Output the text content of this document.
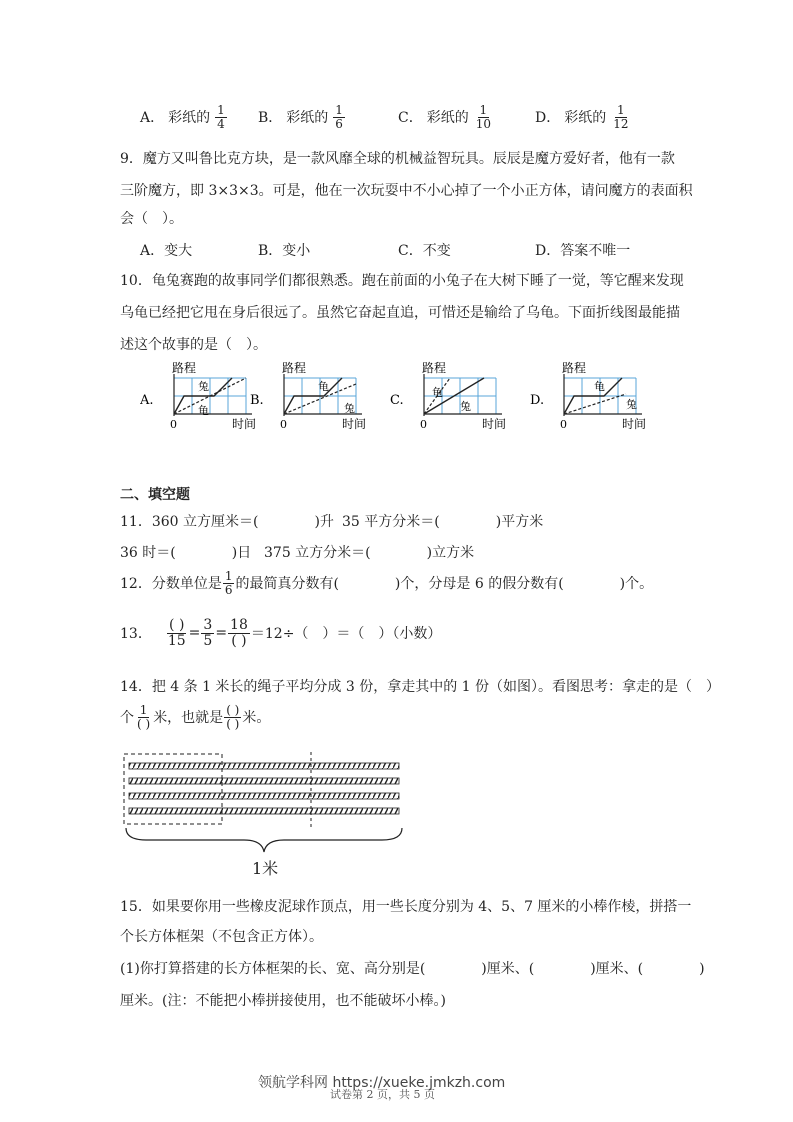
A． 彩纸的 $\frac{1}{4}$ B． 彩纸的 $\frac{1}{6}$	C． 彩纸的 $\frac{1}{10}$	D． 彩纸的 $\frac{1}{12}$
9．魔方又叫鲁比克方块，是一款风靡全球的机械益智玩具。辰辰是魔方爱好者，他有一款
三阶魔方，即 3×3×3。可是，他在一次玩耍中不小心掉了一个小正方体，请问魔方的表面积
会（　）。
A．变大	B．变小	C．不变	D．答案不唯一
10．龟兔赛跑的故事同学们都很熟悉。跑在前面的小兔子在大树下睡了一觉，等它醒来发现
乌龟已经把它甩在身后很远了。虽然它奋起直追，可惜还是输给了乌龟。下面折线图最能描
述这个故事的是（　）。
A.
路程
兔
龟
0	时间
B.
路程
龟
兔
0	时间
C.
路程
龟
兔
0	时间
D.
路程
龟
兔
0	时间
二、填空题
11．360 立方厘米＝(　　　　)升 35 平方分米＝(　　　　)平方米
36 时＝(　　　　)日 375 立方分米＝(　　　　)立方米
12．分数单位是 $\frac{1}{6}$ 的最简真分数有(　　　　)个，分母是 6 的假分数有(　　　　)个。
13． $\frac{( )}{15} = \frac{3}{5} = \frac{18}{( )} =12\div$（　）＝（　）（小数）
14．把 4 条 1 米长的绳子平均分成 3 份，拿走其中的 1 份（如图）。看图思考：拿走的是（　）
个 $\frac{1}{( )}$ 米，也就是 $\frac{( )}{( )}$ 米。
1米
15．如果要你用一些橡皮泥球作顶点，用一些长度分别为 4、5、7 厘米的小棒作棱，拼搭一
个长方体框架（不包含正方体）。
(1)你打算搭建的长方体框架的长、宽、高分别是(　　　　)厘米、(　　　　)厘米、(　　　　)
厘米。(注：不能把小棒拼接使用，也不能破坏小棒。)
试卷第 2 页，共 5 页
领航学科网 https://xueke.jmkzh.com
